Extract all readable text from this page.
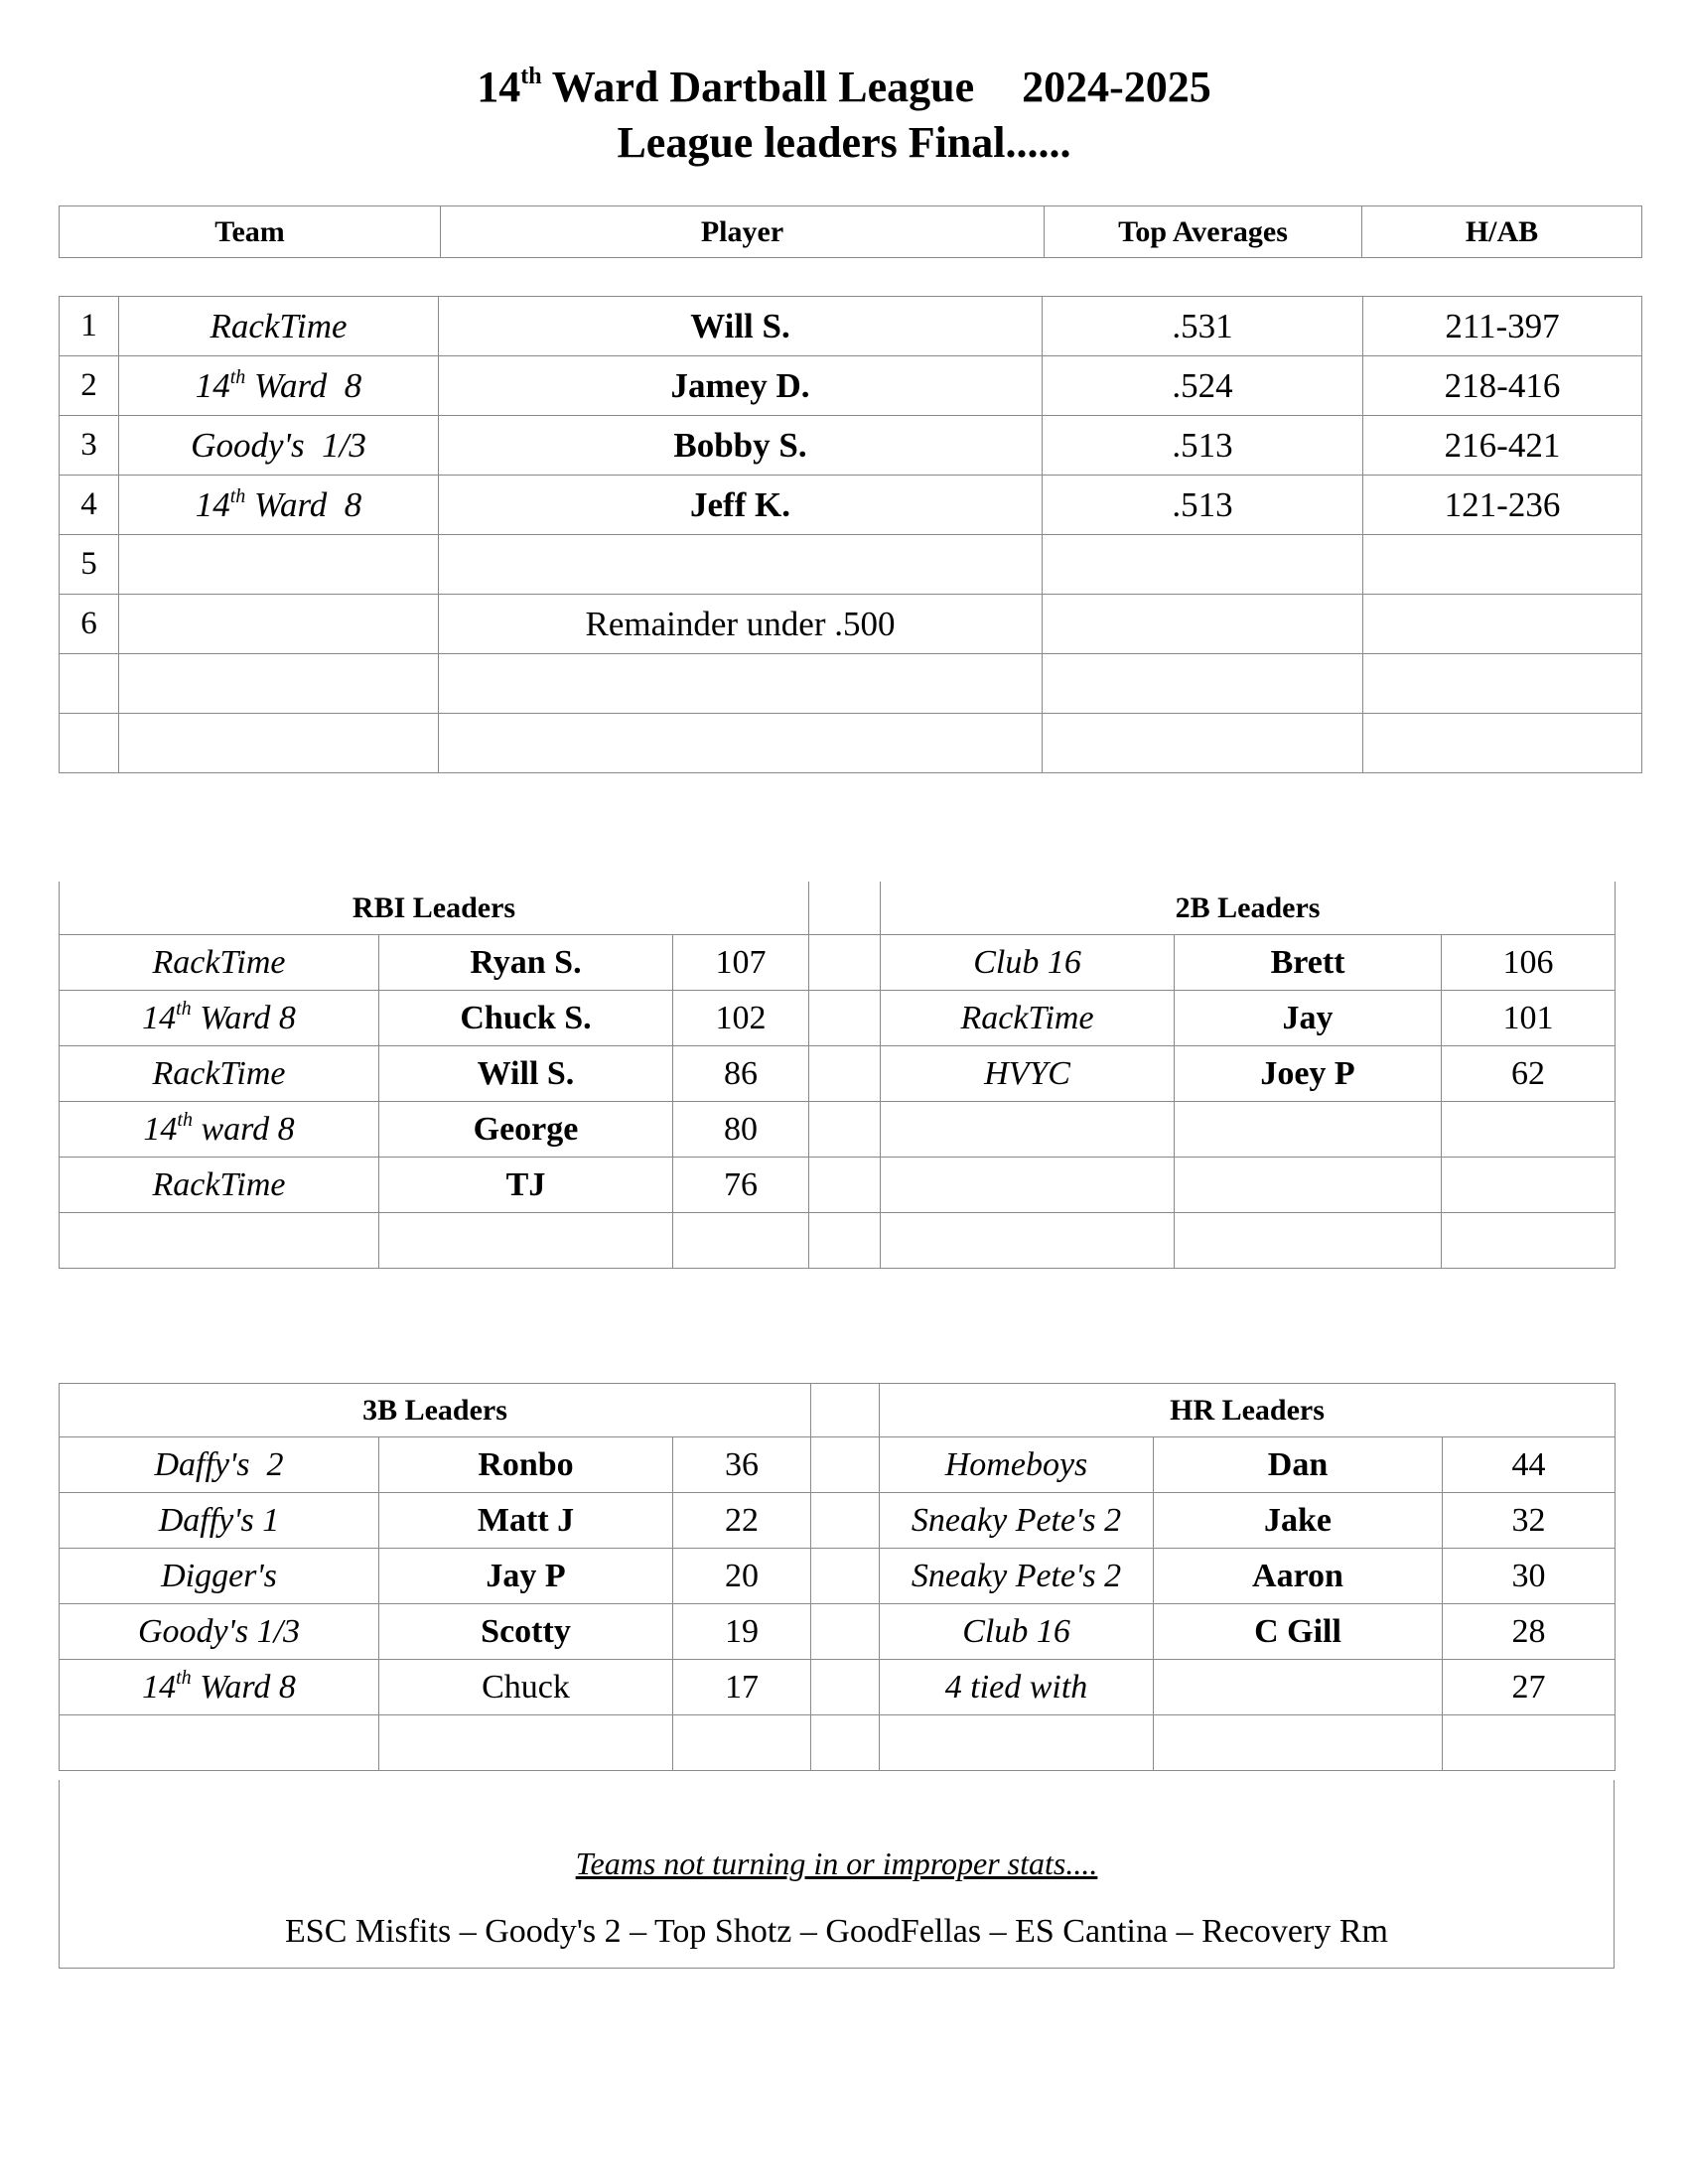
14th Ward Dartball League 2024-2025
League leaders Final......
Team	Player	Top Averages	H/AB
1	RackTime	Will S.	.531	211-397
2	14th Ward  8	Jamey D.	.524	218-416
3	Goody's  1/3	Bobby S.	.513	216-421
4	14th Ward  8	Jeff K.	.513	121-236
5				
6		Remainder under .500		

RBI Leaders				2B Leaders		
RackTime	Ryan S.	107		Club 16	Brett	106
14th Ward 8	Chuck S.	102		RackTime	Jay	101
RackTime	Will S.	86		HVYC	Joey P	62
14th ward 8	George	80				
RackTime	TJ	76				

3B Leaders				HR Leaders		
Daffy's  2	Ronbo	36		Homeboys	Dan	44
Daffy's 1	Matt J	22		Sneaky Pete's 2	Jake	32
Digger's	Jay P	20		Sneaky Pete's 2	Aaron	30
Goody's 1/3	Scotty	19		Club 16	C Gill	28
14th Ward 8	Chuck	17		4 tied with		27

Teams not turning in or improper stats....
ESC Misfits – Goody's 2 – Top Shotz – GoodFellas – ES Cantina – Recovery Rm
